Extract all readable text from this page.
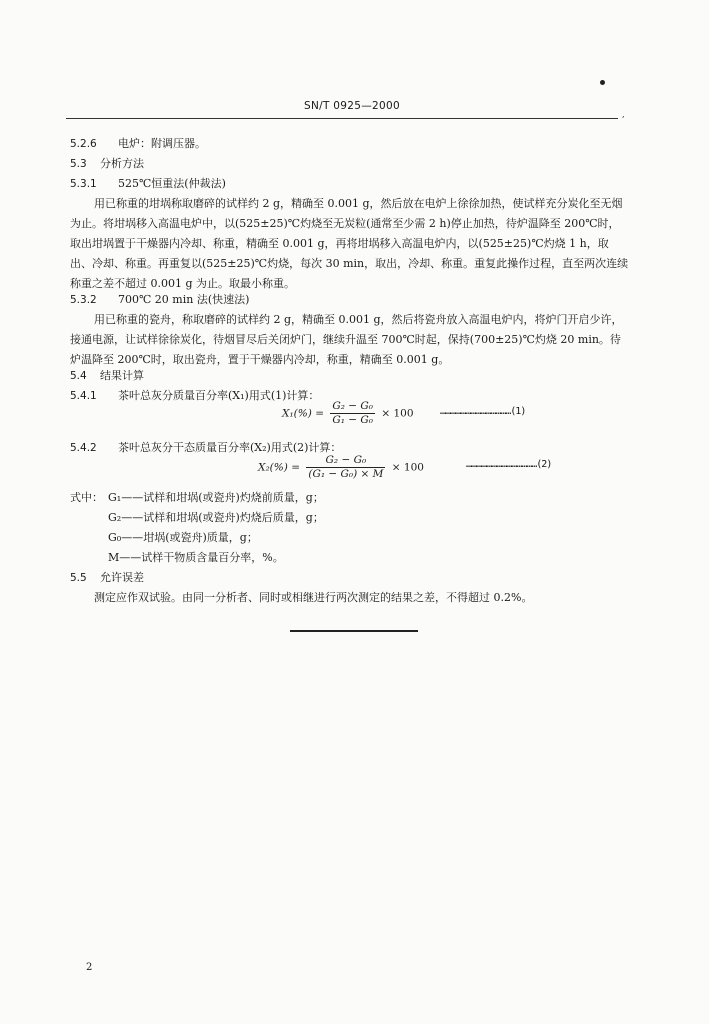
SN/T 0925—2000
,
5.2.6 电炉：附调压器。
5.3 分析方法
5.3.1 525℃恒重法(仲裁法)
用已称重的坩埚称取磨碎的试样约 2 g，精确至 0.001 g，然后放在电炉上徐徐加热，使试样充分炭化至无烟为止。将坩埚移入高温电炉中，以(525±25)℃灼烧至无炭粒(通常至少需 2 h)停止加热，待炉温降至 200℃时，取出坩埚置于干燥器内冷却、称重，精确至 0.001 g，再将坩埚移入高温电炉内，以(525±25)℃灼烧 1 h，取出、冷却、称重。再重复以(525±25)℃灼烧，每次 30 min，取出，冷却、称重。重复此操作过程，直至两次连续称重之差不超过 0.001 g 为止。取最小称重。
5.3.2 700℃ 20 min 法(快速法)
用已称重的瓷舟，称取磨碎的试样约 2 g，精确至 0.001 g，然后将瓷舟放入高温电炉内，将炉门开启少许，接通电源，让试样徐徐炭化，待烟冒尽后关闭炉门，继续升温至 700℃时起，保持(700±25)℃灼烧 20 min。待炉温降至 200℃时，取出瓷舟，置于干燥器内冷却，称重，精确至 0.001 g。
5.4 结果计算
5.4.1 茶叶总灰分质量百分率(X₁)用式(1)计算：
$X_1(\%) = \frac{\text{G₂ − G₀}}{\text{G₁ − G₀}} \times 100$	……………………………………(1)
5.4.2 茶叶总灰分干态质量百分率(X₂)用式(2)计算：
$X_2(\%) = \frac{\text{G₂ − G₀}}{\text{(G₁ − G₀) × M}} \times 100$	……………………………………(2)
式中： G₁——试样和坩埚(或瓷舟)灼烧前质量，g；
G₂——试样和坩埚(或瓷舟)灼烧后质量，g；
G₀——坩埚(或瓷舟)质量，g；
M——试样干物质含量百分率，%。
5.5 允许误差
测定应作双试验。由同一分析者、同时或相继进行两次测定的结果之差，不得超过 0.2%。
2
